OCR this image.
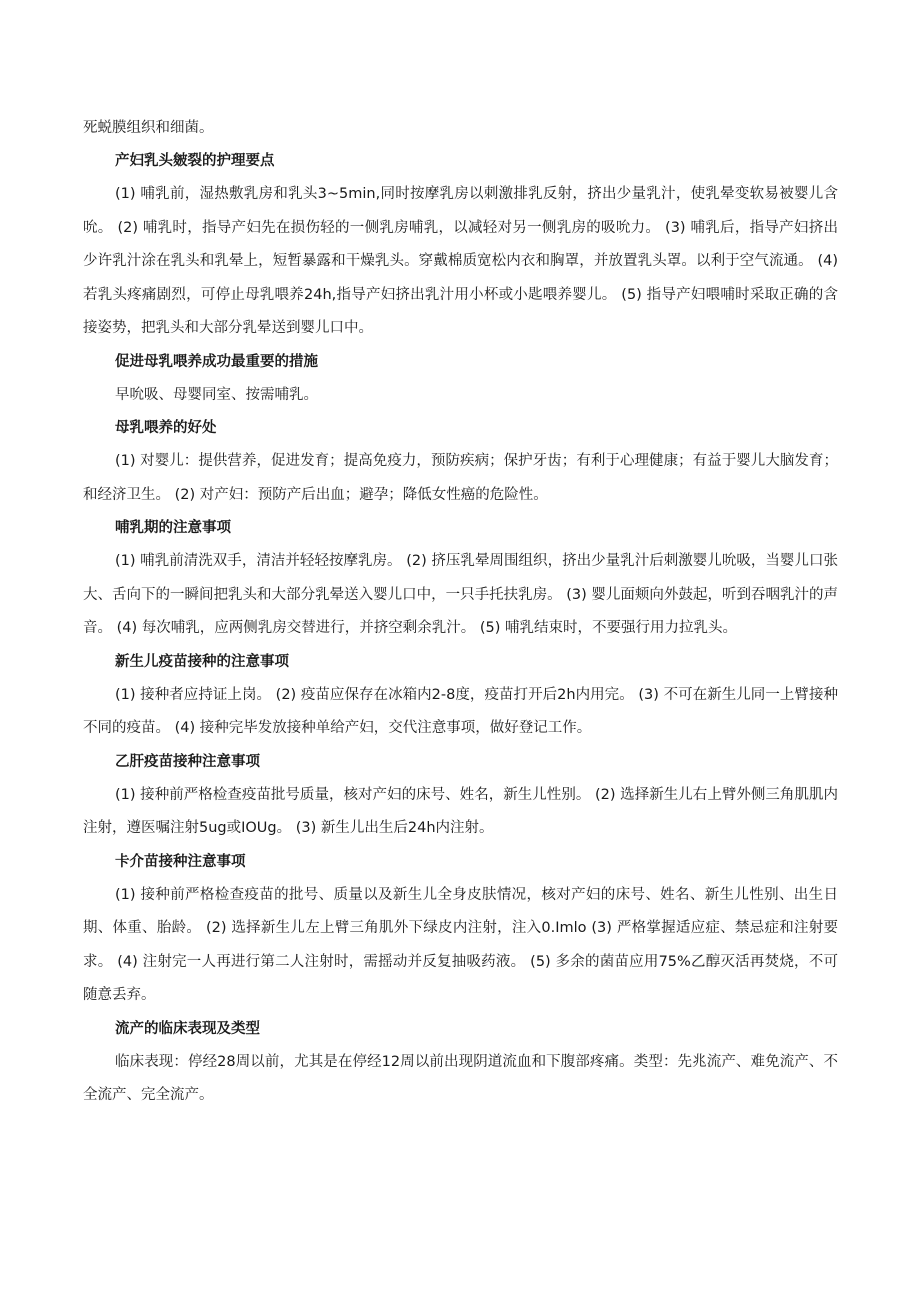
死蜕膜组织和细菌。

产妇乳头皴裂的护理要点

(1) 哺乳前，湿热敷乳房和乳头3~5min,同时按摩乳房以刺激排乳反射，挤出少量乳汁，使乳晕变软易被婴儿含吮。 (2) 哺乳时，指导产妇先在损伤轻的一侧乳房哺乳，以减轻对另一侧乳房的吸吮力。 (3) 哺乳后，指导产妇挤出少许乳汁涂在乳头和乳晕上，短暂暴露和干燥乳头。穿戴棉质宽松内衣和胸罩，并放置乳头罩。以利于空气流通。 (4) 若乳头疼痛剧烈，可停止母乳喂养24h,指导产妇挤出乳汁用小杯或小匙喂养婴儿。 (5) 指导产妇喂哺时采取正确的含接姿势，把乳头和大部分乳晕送到婴儿口中。

促进母乳喂养成功最重要的措施

早吮吸、母婴同室、按需哺乳。

母乳喂养的好处

(1) 对婴儿：提供营养，促进发育；提高免疫力，预防疾病；保护牙齿；有利于心理健康；有益于婴儿大脑发育；和经济卫生。 (2) 对产妇：预防产后出血；避孕；降低女性癌的危险性。

哺乳期的注意事项

(1) 哺乳前清洗双手，清洁并轻轻按摩乳房。 (2) 挤压乳晕周围组织，挤出少量乳汁后刺激婴儿吮吸，当婴儿口张大、舌向下的一瞬间把乳头和大部分乳晕送入婴儿口中，一只手托扶乳房。 (3) 婴儿面颊向外鼓起，听到吞咽乳汁的声音。 (4) 每次哺乳，应两侧乳房交替进行，并挤空剩余乳汁。 (5) 哺乳结束时，不要强行用力拉乳头。

新生儿疫苗接种的注意事项

(1) 接种者应持证上岗。 (2) 疫苗应保存在冰箱内2-8度，疫苗打开后2h内用完。 (3) 不可在新生儿同一上臂接种不同的疫苗。 (4) 接种完毕发放接种单给产妇，交代注意事项，做好登记工作。

乙肝疫苗接种注意事项

(1) 接种前严格检查疫苗批号质量，核对产妇的床号、姓名，新生儿性别。 (2) 选择新生儿右上臂外侧三角肌肌内注射，遵医嘱注射5ug或IOUg。 (3) 新生儿出生后24h内注射。

卡介苗接种注意事项

(1) 接种前严格检查疫苗的批号、质量以及新生儿全身皮肤情况，核对产妇的床号、姓名、新生儿性别、出生日期、体重、胎龄。 (2) 选择新生儿左上臂三角肌外下绿皮内注射，注入0.Imlo (3) 严格掌握适应症、禁忌症和注射要求。 (4) 注射完一人再进行第二人注射时，需摇动并反复抽吸药液。 (5) 多余的菌苗应用75%乙醇灭活再焚烧，不可随意丢弃。

流产的临床表现及类型

临床表现：停经28周以前，尤其是在停经12周以前出现阴道流血和下腹部疼痛。类型：先兆流产、难免流产、不全流产、完全流产。
